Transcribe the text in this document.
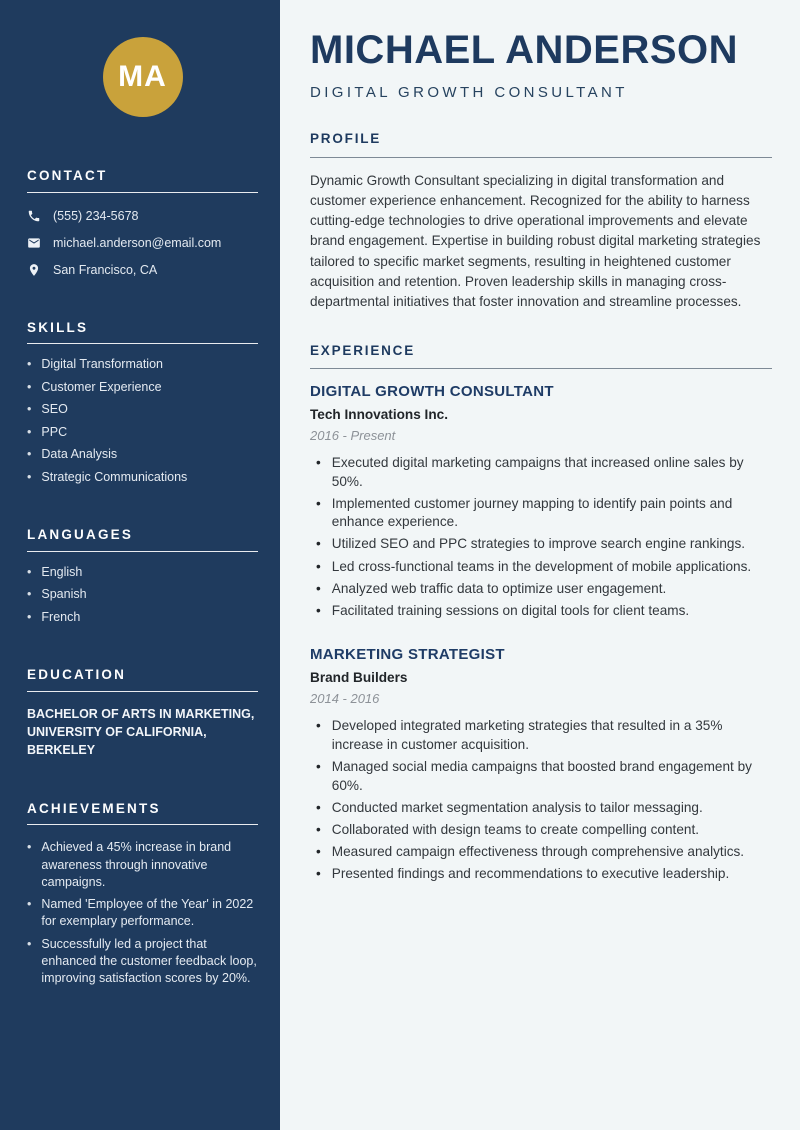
MA
CONTACT
(555) 234-5678
michael.anderson@email.com
San Francisco, CA
SKILLS
• Digital Transformation
• Customer Experience
• SEO
• PPC
• Data Analysis
• Strategic Communications
LANGUAGES
• English
• Spanish
• French
EDUCATION
BACHELOR OF ARTS IN MARKETING,
UNIVERSITY OF CALIFORNIA, BERKELEY
ACHIEVEMENTS
• Achieved a 45% increase in brand awareness through innovative campaigns.
• Named 'Employee of the Year' in 2022 for exemplary performance.
• Successfully led a project that enhanced the customer feedback loop, improving satisfaction scores by 20%.
MICHAEL ANDERSON
DIGITAL GROWTH CONSULTANT
PROFILE

Dynamic Growth Consultant specializing in digital transformation and customer experience enhancement. Recognized for the ability to harness cutting-edge technologies to drive operational improvements and elevate brand engagement. Expertise in building robust digital marketing strategies tailored to specific market segments, resulting in heightened customer acquisition and retention. Proven leadership skills in managing cross-departmental initiatives that foster innovation and streamline processes.

EXPERIENCE
DIGITAL GROWTH CONSULTANT
Tech Innovations Inc.
2016 - Present
• Executed digital marketing campaigns that increased online sales by 50%.
• Implemented customer journey mapping to identify pain points and enhance experience.
• Utilized SEO and PPC strategies to improve search engine rankings.
• Led cross-functional teams in the development of mobile applications.
• Analyzed web traffic data to optimize user engagement.
• Facilitated training sessions on digital tools for client teams.
MARKETING STRATEGIST
Brand Builders
2014 - 2016
• Developed integrated marketing strategies that resulted in a 35% increase in customer acquisition.
• Managed social media campaigns that boosted brand engagement by 60%.
• Conducted market segmentation analysis to tailor messaging.
• Collaborated with design teams to create compelling content.
• Measured campaign effectiveness through comprehensive analytics.
• Presented findings and recommendations to executive leadership.
